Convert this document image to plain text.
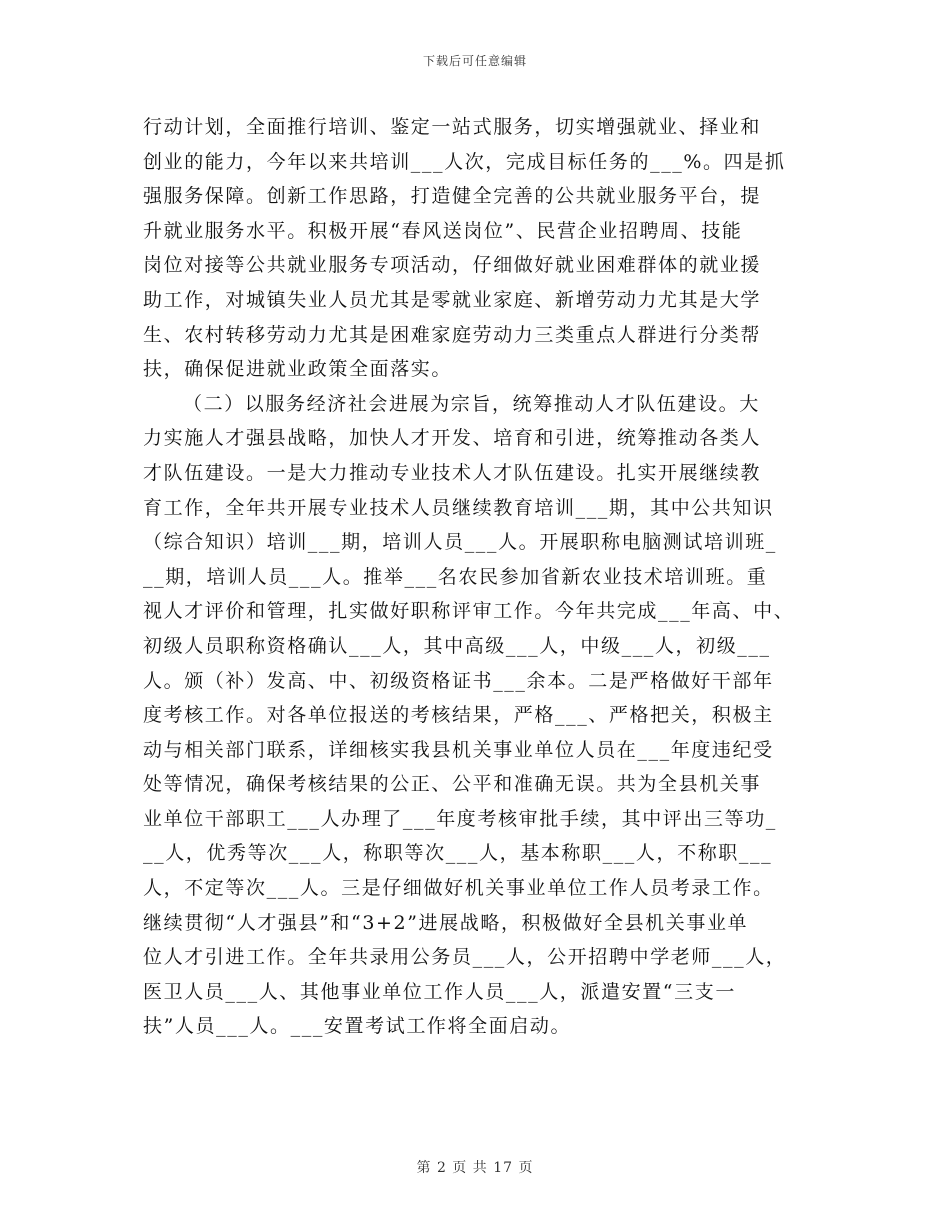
下载后可任意编辑
行动计划，全面推行培训、鉴定一站式服务，切实增强就业、择业和
创业的能力，今年以来共培训___人次，完成目标任务的___%。四是抓
强服务保障。创新工作思路，打造健全完善的公共就业服务平台，提
升就业服务水平。积极开展“春风送岗位”、民营企业招聘周、技能
岗位对接等公共就业服务专项活动，仔细做好就业困难群体的就业援
助工作，对城镇失业人员尤其是零就业家庭、新增劳动力尤其是大学
生、农村转移劳动力尤其是困难家庭劳动力三类重点人群进行分类帮
扶，确保促进就业政策全面落实。
（二）以服务经济社会进展为宗旨，统筹推动人才队伍建设。大
力实施人才强县战略，加快人才开发、培育和引进，统筹推动各类人
才队伍建设。一是大力推动专业技术人才队伍建设。扎实开展继续教
育工作，全年共开展专业技术人员继续教育培训___期，其中公共知识
（综合知识）培训___期，培训人员___人。开展职称电脑测试培训班_
__期，培训人员___人。推举___名农民参加省新农业技术培训班。重
视人才评价和管理，扎实做好职称评审工作。今年共完成___年高、中、
初级人员职称资格确认___人，其中高级___人，中级___人，初级___
人。颁（补）发高、中、初级资格证书___余本。二是严格做好干部年
度考核工作。对各单位报送的考核结果，严格___、严格把关，积极主
动与相关部门联系，详细核实我县机关事业单位人员在___年度违纪受
处等情况，确保考核结果的公正、公平和准确无误。共为全县机关事
业单位干部职工___人办理了___年度考核审批手续，其中评出三等功_
__人，优秀等次___人，称职等次___人，基本称职___人，不称职___
人，不定等次___人。三是仔细做好机关事业单位工作人员考录工作。
继续贯彻“人才强县”和“3+2”进展战略，积极做好全县机关事业单
位人才引进工作。全年共录用公务员___人，公开招聘中学老师___人，
医卫人员___人、其他事业单位工作人员___人，派遣安置“三支一
扶”人员___人。___安置考试工作将全面启动。
第 2 页 共 17 页
